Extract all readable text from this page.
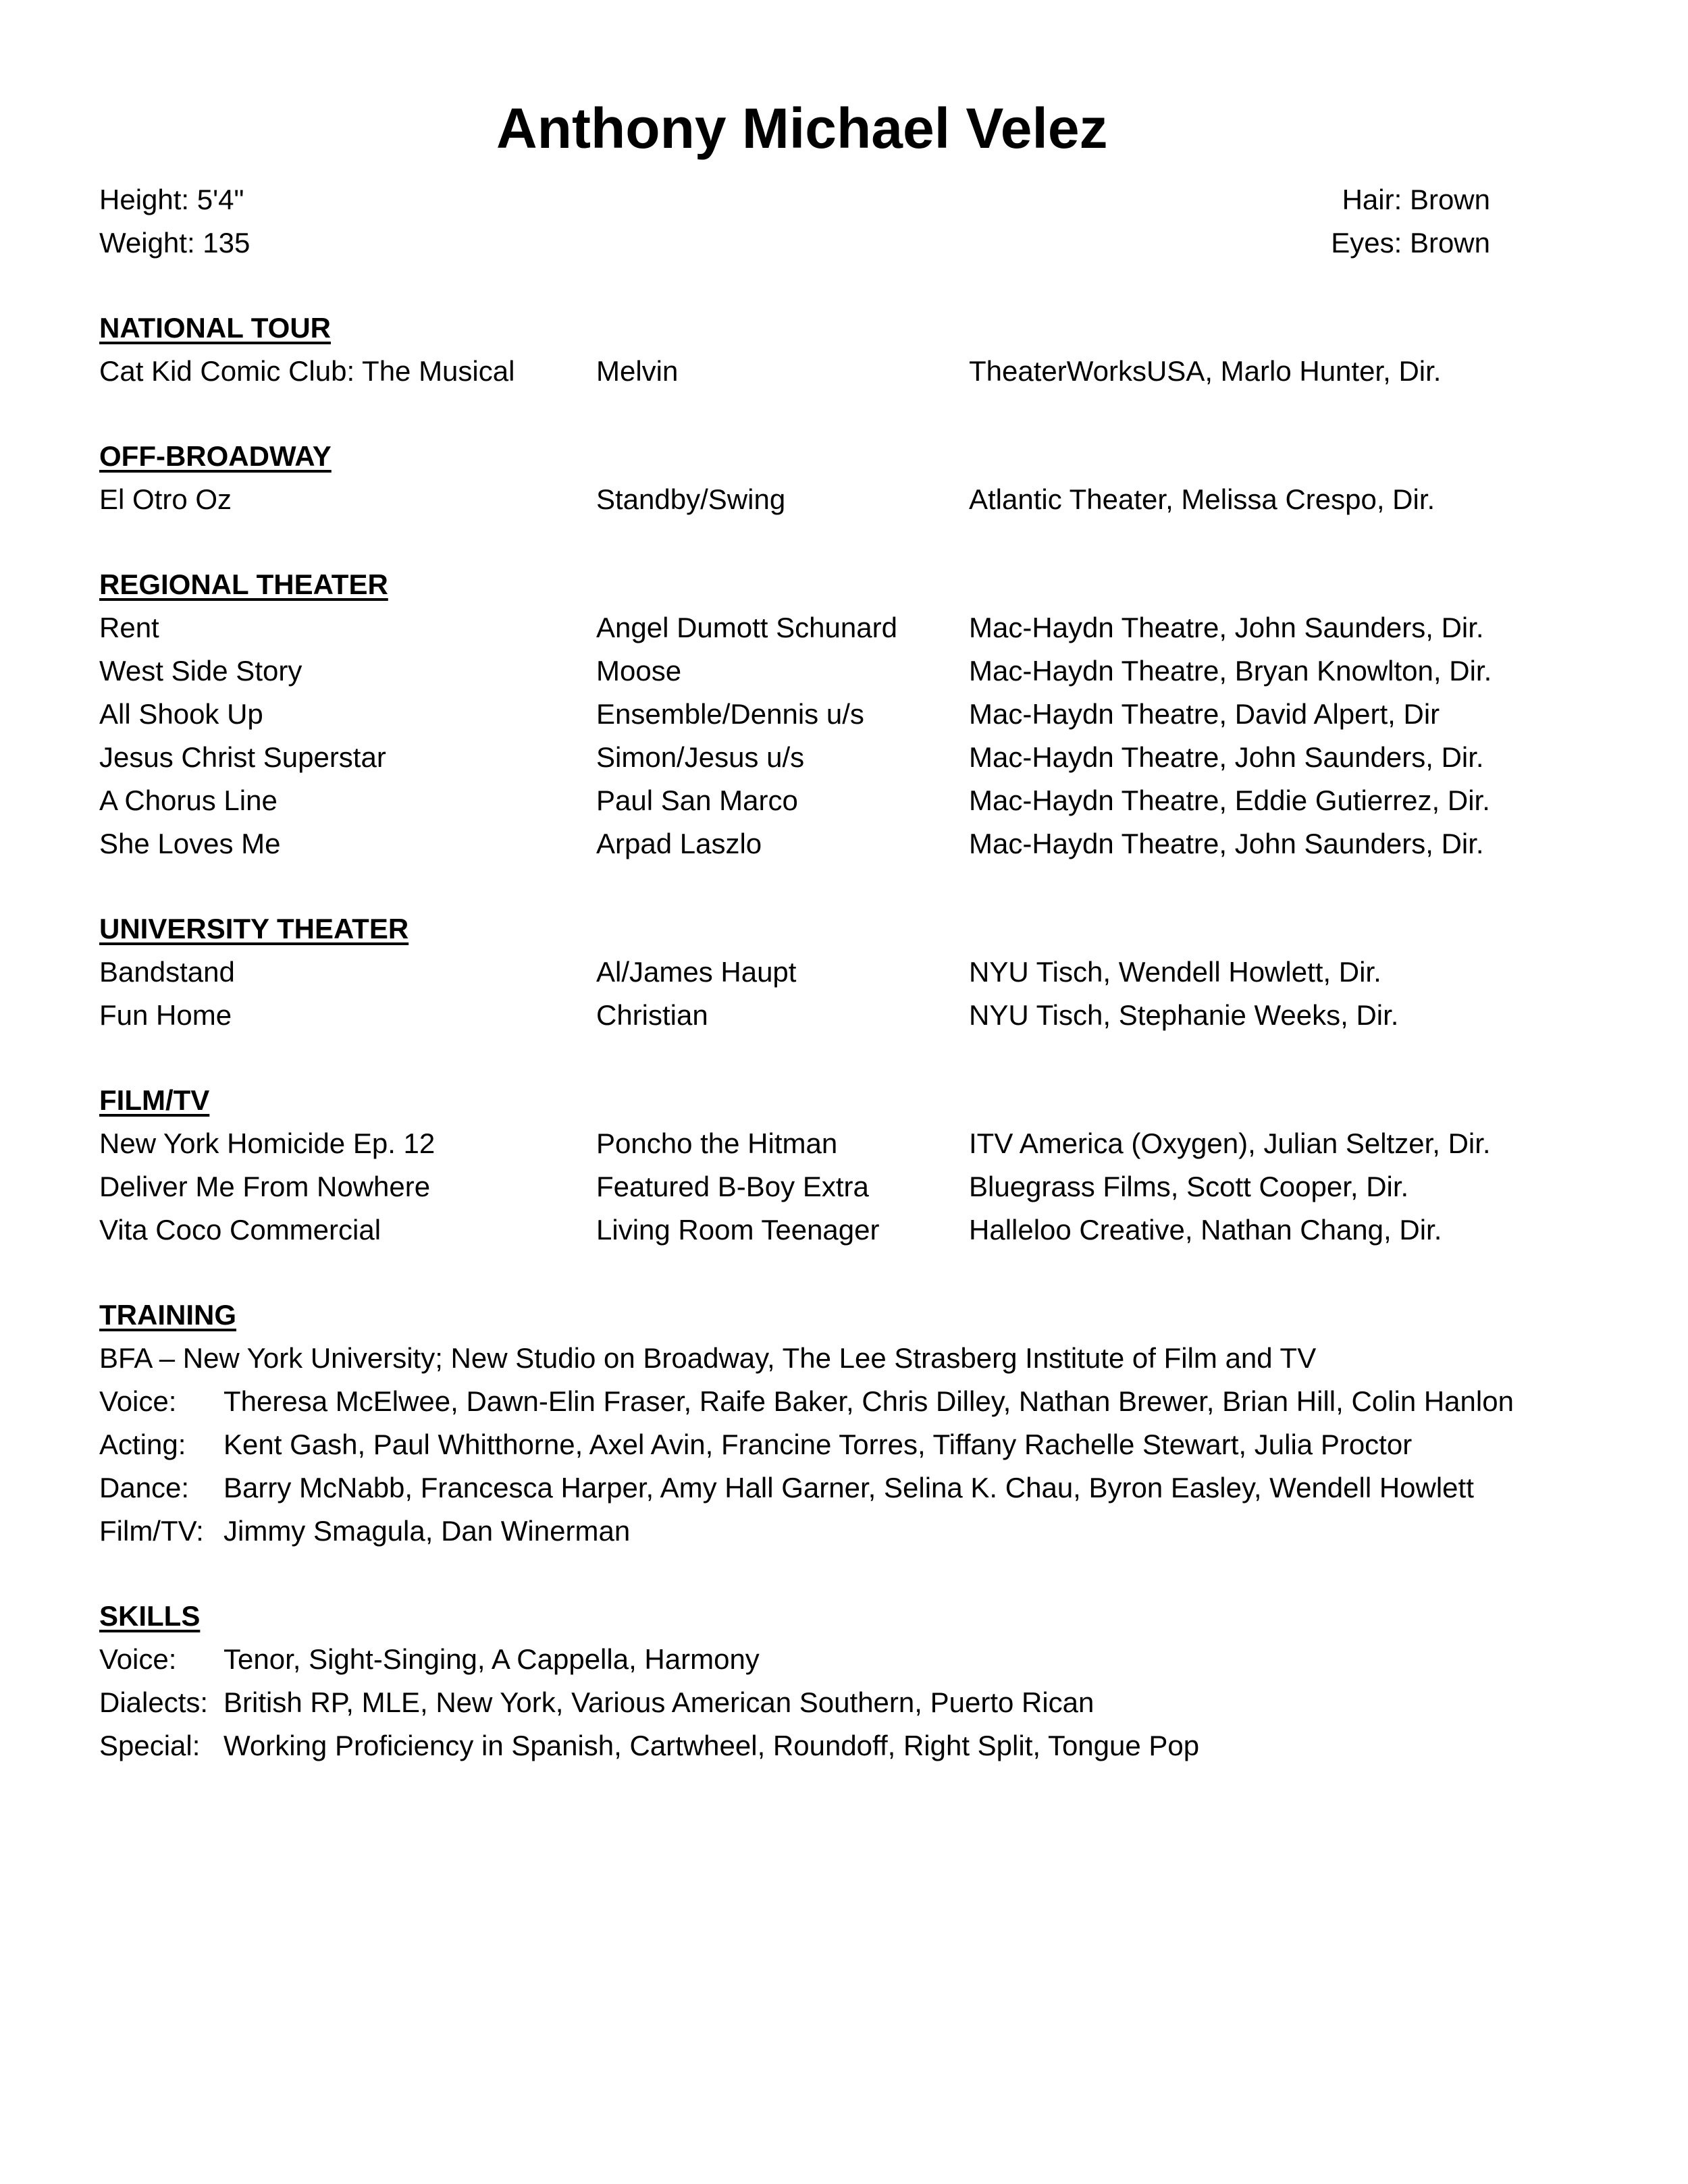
Anthony Michael Velez
Height: 5'4"
Weight: 135
Hair: Brown
Eyes: Brown
NATIONAL TOUR
Cat Kid Comic Club: The Musical	Melvin	TheaterWorksUSA, Marlo Hunter, Dir.
OFF-BROADWAY
El Otro Oz	Standby/Swing	Atlantic Theater, Melissa Crespo, Dir.
REGIONAL THEATER
Rent	Angel Dumott Schunard	Mac-Haydn Theatre, John Saunders, Dir.
West Side Story	Moose	Mac-Haydn Theatre, Bryan Knowlton, Dir.
All Shook Up	Ensemble/Dennis u/s	Mac-Haydn Theatre, David Alpert, Dir
Jesus Christ Superstar	Simon/Jesus u/s	Mac-Haydn Theatre, John Saunders, Dir.
A Chorus Line	Paul San Marco	Mac-Haydn Theatre, Eddie Gutierrez, Dir.
She Loves Me	Arpad Laszlo	Mac-Haydn Theatre, John Saunders, Dir.
UNIVERSITY THEATER
Bandstand	Al/James Haupt	NYU Tisch, Wendell Howlett, Dir.
Fun Home	Christian	NYU Tisch, Stephanie Weeks, Dir.
FILM/TV
New York Homicide Ep. 12	Poncho the Hitman	ITV America (Oxygen), Julian Seltzer, Dir.
Deliver Me From Nowhere	Featured B-Boy Extra	Bluegrass Films, Scott Cooper, Dir.
Vita Coco Commercial	Living Room Teenager	Halleloo Creative, Nathan Chang, Dir.
TRAINING
BFA – New York University; New Studio on Broadway, The Lee Strasberg Institute of Film and TV
Voice: Theresa McElwee, Dawn-Elin Fraser, Raife Baker, Chris Dilley, Nathan Brewer, Brian Hill, Colin Hanlon
Acting: Kent Gash, Paul Whitthorne, Axel Avin, Francine Torres, Tiffany Rachelle Stewart, Julia Proctor
Dance: Barry McNabb, Francesca Harper, Amy Hall Garner, Selina K. Chau, Byron Easley, Wendell Howlett
Film/TV: Jimmy Smagula, Dan Winerman
SKILLS
Voice: Tenor, Sight-Singing, A Cappella, Harmony
Dialects: British RP, MLE, New York, Various American Southern, Puerto Rican
Special: Working Proficiency in Spanish, Cartwheel, Roundoff, Right Split, Tongue Pop
